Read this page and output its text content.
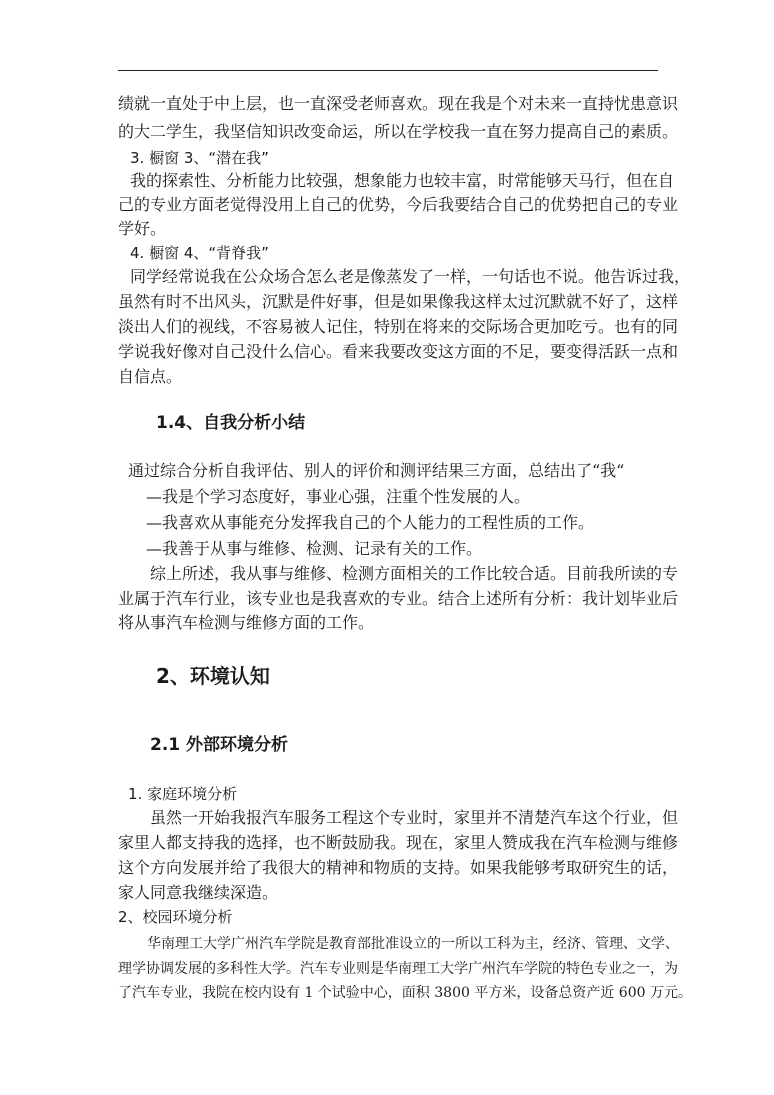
绩就一直处于中上层，也一直深受老师喜欢。现在我是个对未来一直持忧患意识
的大二学生，我坚信知识改变命运，所以在学校我一直在努力提高自己的素质。
3. 橱窗 3、“潜在我”
我的探索性、分析能力比较强，想象能力也较丰富，时常能够天马行，但在自
己的专业方面老觉得没用上自己的优势，今后我要结合自己的优势把自己的专业
学好。
4. 橱窗 4、“背脊我”
同学经常说我在公众场合怎么老是像蒸发了一样，一句话也不说。他告诉过我，
虽然有时不出风头，沉默是件好事，但是如果像我这样太过沉默就不好了，这样
淡出人们的视线，不容易被人记住，特别在将来的交际场合更加吃亏。也有的同
学说我好像对自己没什么信心。看来我要改变这方面的不足，要变得活跃一点和
自信点。
1.4、自我分析小结
通过综合分析自我评估、别人的评价和测评结果三方面，总结出了“我“
—我是个学习态度好，事业心强，注重个性发展的人。
—我喜欢从事能充分发挥我自己的个人能力的工程性质的工作。
—我善于从事与维修、检测、记录有关的工作。
综上所述，我从事与维修、检测方面相关的工作比较合适。目前我所读的专
业属于汽车行业，该专业也是我喜欢的专业。结合上述所有分析：我计划毕业后
将从事汽车检测与维修方面的工作。
2、环境认知
2.1 外部环境分析
1. 家庭环境分析
虽然一开始我报汽车服务工程这个专业时，家里并不清楚汽车这个行业，但
家里人都支持我的选择，也不断鼓励我。现在，家里人赞成我在汽车检测与维修
这个方向发展并给了我很大的精神和物质的支持。如果我能够考取研究生的话，
家人同意我继续深造。
2、校园环境分析
华南理工大学广州汽车学院是教育部批准设立的一所以工科为主，经济、管理、文学、
理学协调发展的多科性大学。汽车专业则是华南理工大学广州汽车学院的特色专业之一，为
了汽车专业，我院在校内设有 1 个试验中心，面积 3800 平方米，设备总资产近 600 万元。
